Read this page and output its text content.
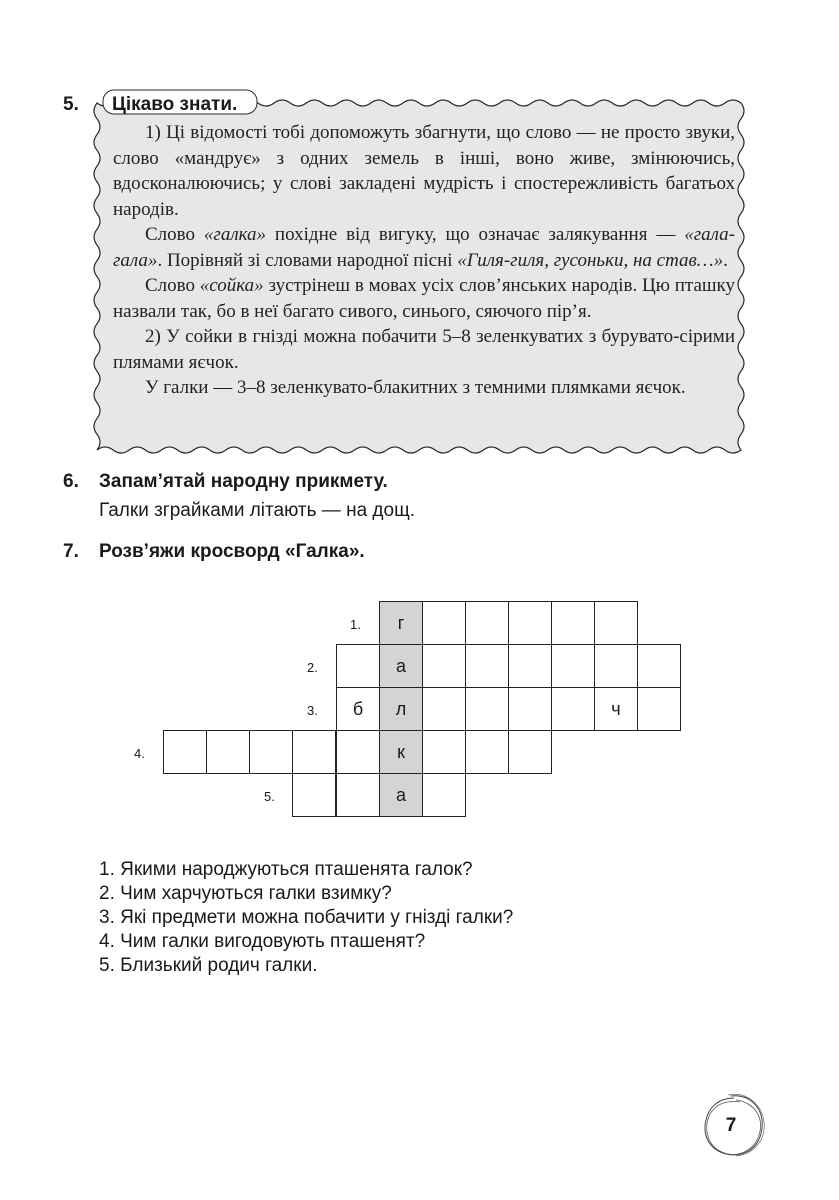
5. Цікаво знати.

1) Ці відомості тобі допоможуть збагнути, що слово — не просто звуки, слово «мандрує» з одних земель в інші, воно живе, змінюючись, вдосконалюючись; у слові закладені мудрість і спостережливість багатьох народів.

Слово «галка» похідне від вигуку, що означає залякування — «гала-гала». Порівняй зі словами народної пісні «Гиля-гиля, гусоньки, на став…».

Слово «сойка» зустрінеш в мовах усіх слов’янських народів. Цю пташку назвали так, бо в неї багато сивого, синього, сяючого пір’я.

2) У сойки в гнізді можна побачити 5–8 зеленкуватих з бурувато-сірими плямами яєчок.

У галки — 3–8 зеленкувато-блакитних з темними плямками яєчок.

6. Запам’ятай народну прикмету.
Галки зграйками літають — на дощ.
7. Розв’яжи кросворд «Галка».
1.
2.
3.
4.
5.
г
а
б	л	ч
к
а
1. Якими народжуються пташенята галок?
2. Чим харчуються галки взимку?
3. Які предмети можна побачити у гнізді галки?
4. Чим галки вигодовують пташенят?
5. Близький родич галки.
7
